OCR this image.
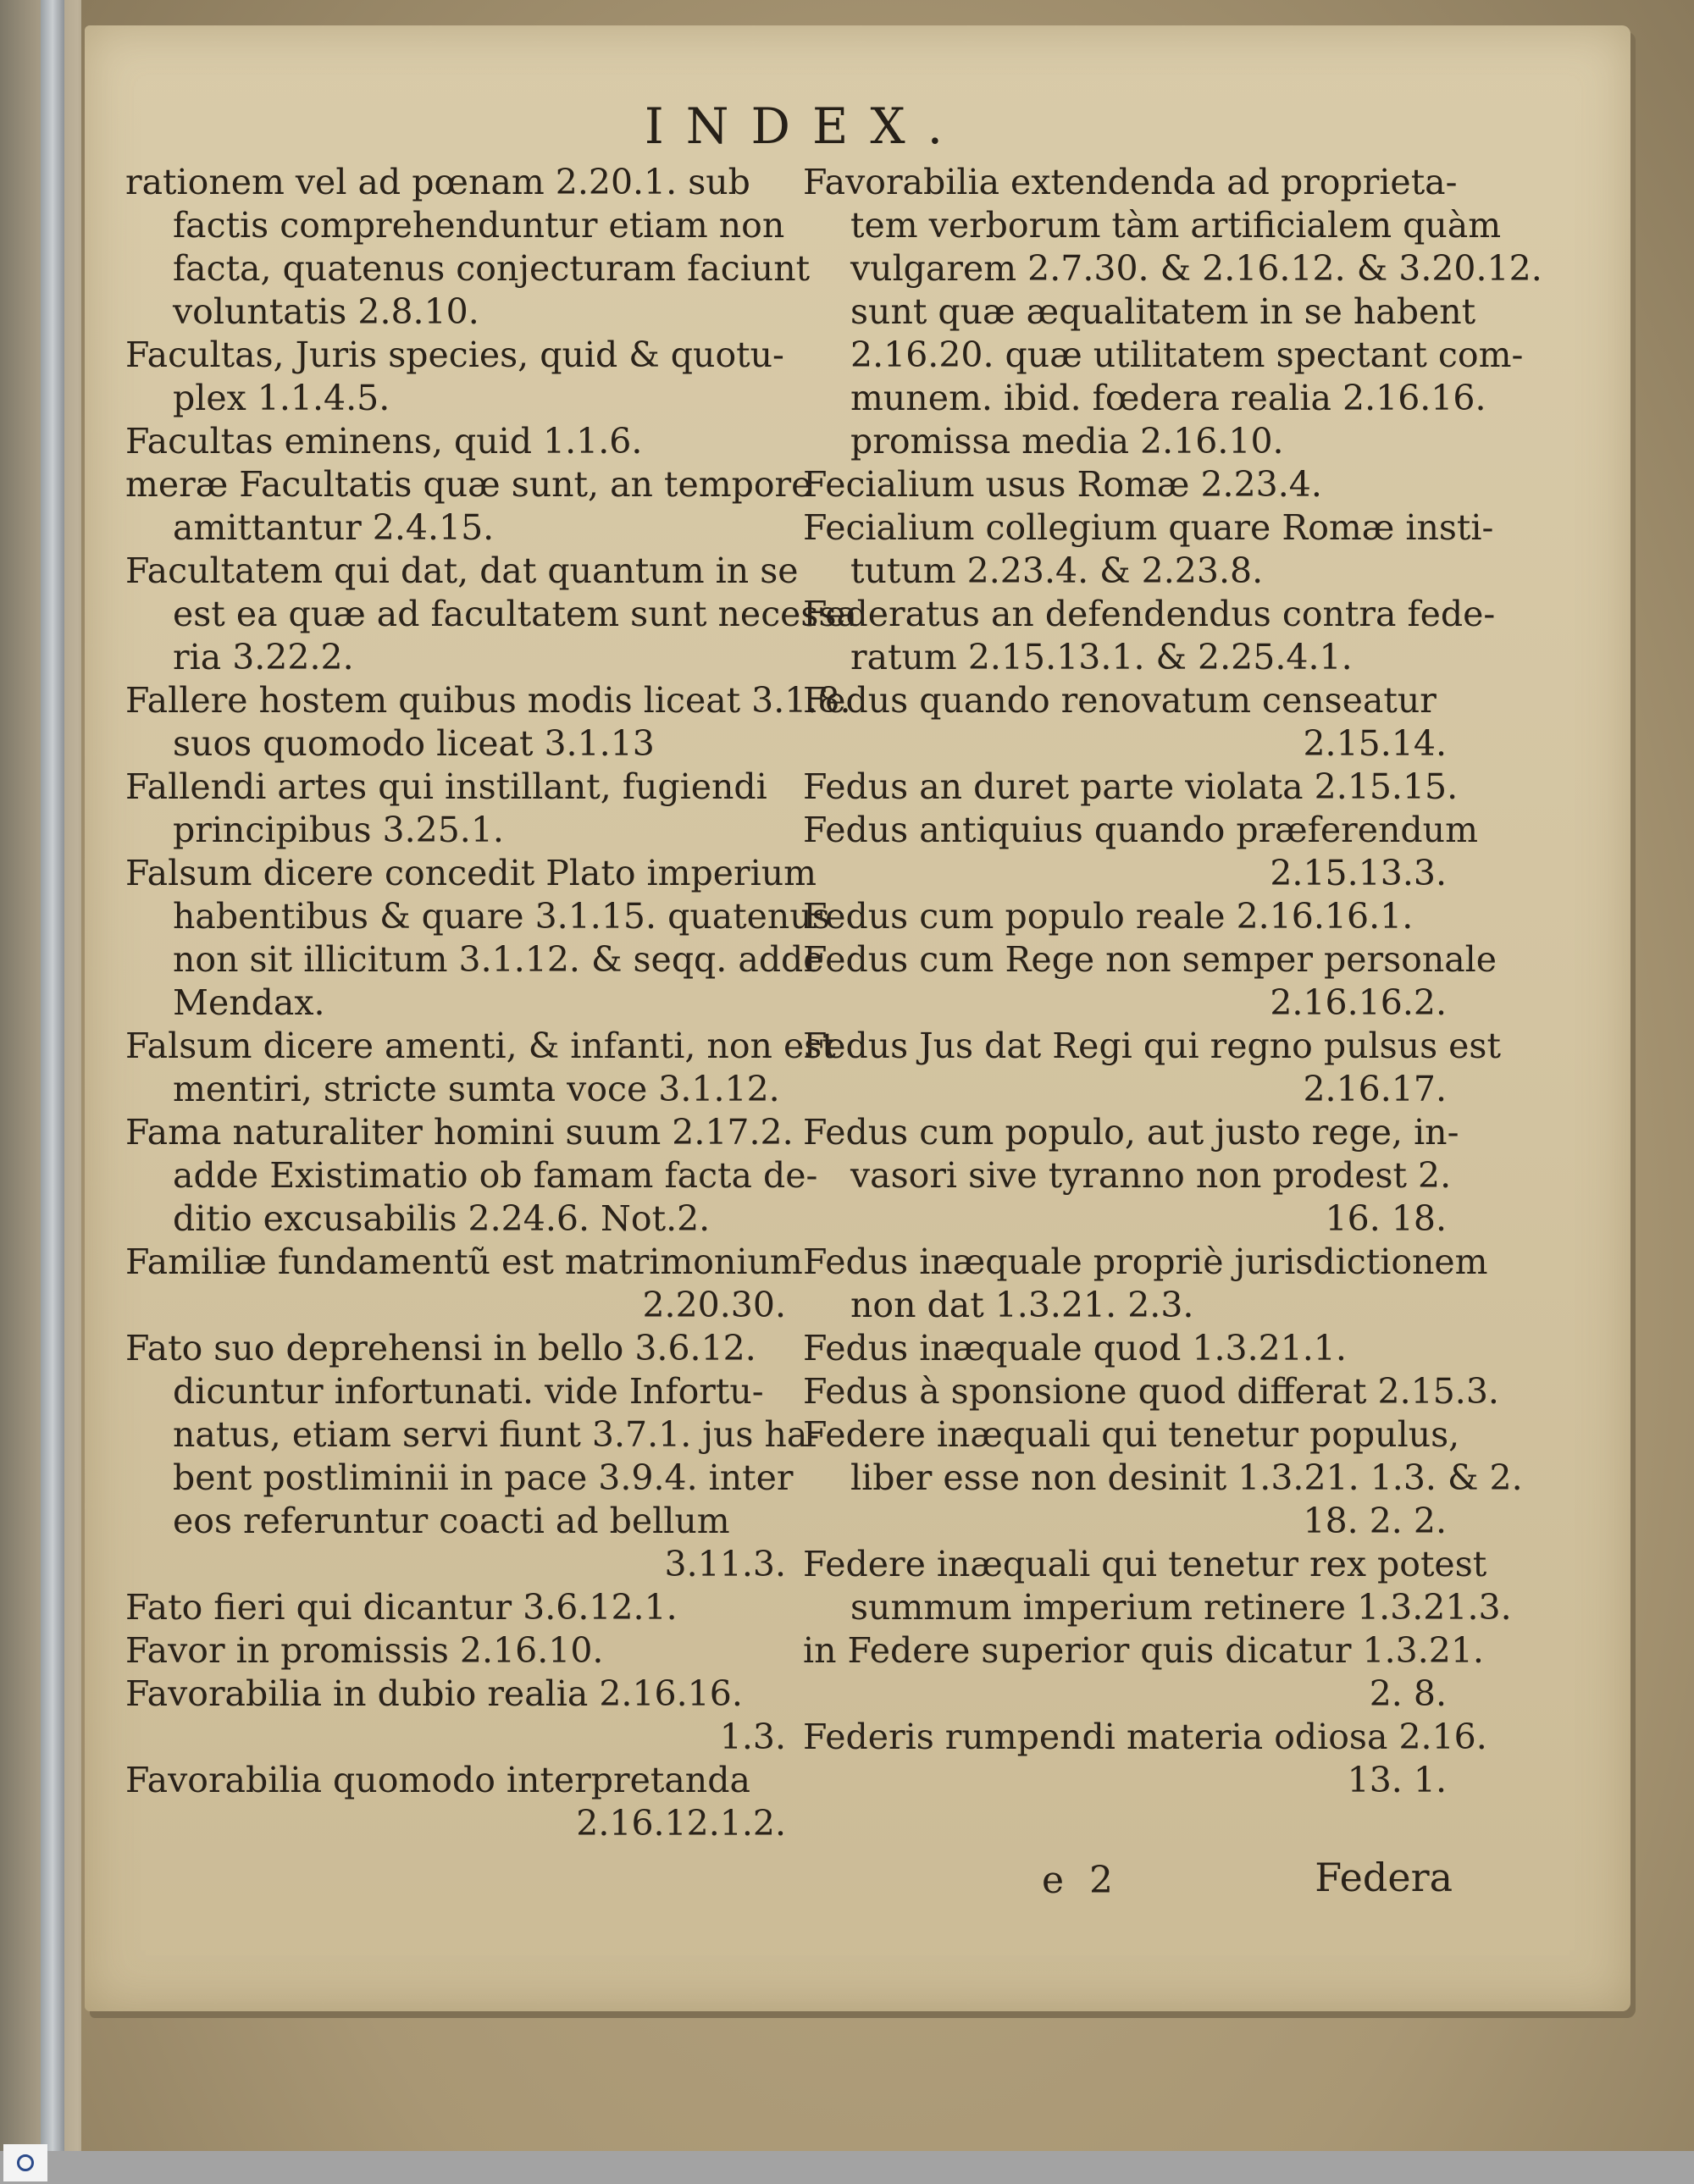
INDEX.
rationem vel ad pœnam 2.20.1. sub
factis comprehenduntur etiam non
facta, quatenus conjecturam faciunt
voluntatis 2.8.10.
Facultas, Juris species, quid & quotu-
plex 1.1.4.5.
Facultas eminens, quid 1.1.6.
meræ Facultatis quæ sunt, an tempore
amittantur 2.4.15.
Facultatem qui dat, dat quantum in se
est ea quæ ad facultatem sunt necessa
ria 3.22.2.
Fallere hostem quibus modis liceat 3.1.8.
suos quomodo liceat 3.1.13
Fallendi artes qui instillant, fugiendi
principibus 3.25.1.
Falsum dicere concedit Plato imperium
habentibus & quare 3.1.15. quatenus
non sit illicitum 3.1.12. & seqq. adde
Mendax.
Falsum dicere amenti, & infanti, non est
mentiri, stricte sumta voce 3.1.12.
Fama naturaliter homini suum 2.17.2.
adde Existimatio ob famam facta de-
ditio excusabilis 2.24.6. Not.2.
Familiæ fundamentũ est matrimonium
2.20.30.
Fato suo deprehensi in bello 3.6.12.
dicuntur infortunati. vide Infortu-
natus, etiam servi fiunt 3.7.1. jus ha-
bent postliminii in pace 3.9.4. inter
eos referuntur coacti ad bellum
3.11.3.
Fato fieri qui dicantur 3.6.12.1.
Favor in promissis 2.16.10.
Favorabilia in dubio realia 2.16.16.
1.3.
Favorabilia quomodo interpretanda
2.16.12.1.2.
Favorabilia extendenda ad proprieta-
tem verborum tàm artificialem quàm
vulgarem 2.7.30. & 2.16.12. & 3.20.12.
sunt quæ æqualitatem in se habent
2.16.20. quæ utilitatem spectant com-
munem. ibid. fœdera realia 2.16.16.
promissa media 2.16.10.
Fecialium usus Romæ 2.23.4.
Fecialium collegium quare Romæ insti-
tutum 2.23.4. & 2.23.8.
Federatus an defendendus contra fede-
ratum 2.15.13.1. & 2.25.4.1.
Fedus quando renovatum censeatur
2.15.14.
Fedus an duret parte violata 2.15.15.
Fedus antiquius quando præferendum
2.15.13.3.
Fedus cum populo reale 2.16.16.1.
Fedus cum Rege non semper personale
2.16.16.2.
Fedus Jus dat Regi qui regno pulsus est
2.16.17.
Fedus cum populo, aut justo rege, in-
vasori sive tyranno non prodest 2.
16. 18.
Fedus inæquale propriè jurisdictionem
non dat 1.3.21. 2.3.
Fedus inæquale quod 1.3.21.1.
Fedus à sponsione quod differat 2.15.3.
Federe inæquali qui tenetur populus,
liber esse non desinit 1.3.21. 1.3. & 2.
18. 2. 2.
Federe inæquali qui tenetur rex potest
summum imperium retinere 1.3.21.3.
in Federe superior quis dicatur 1.3.21.
2. 8.
Federis rumpendi materia odiosa 2.16.
13. 1.
e 2	Federa
